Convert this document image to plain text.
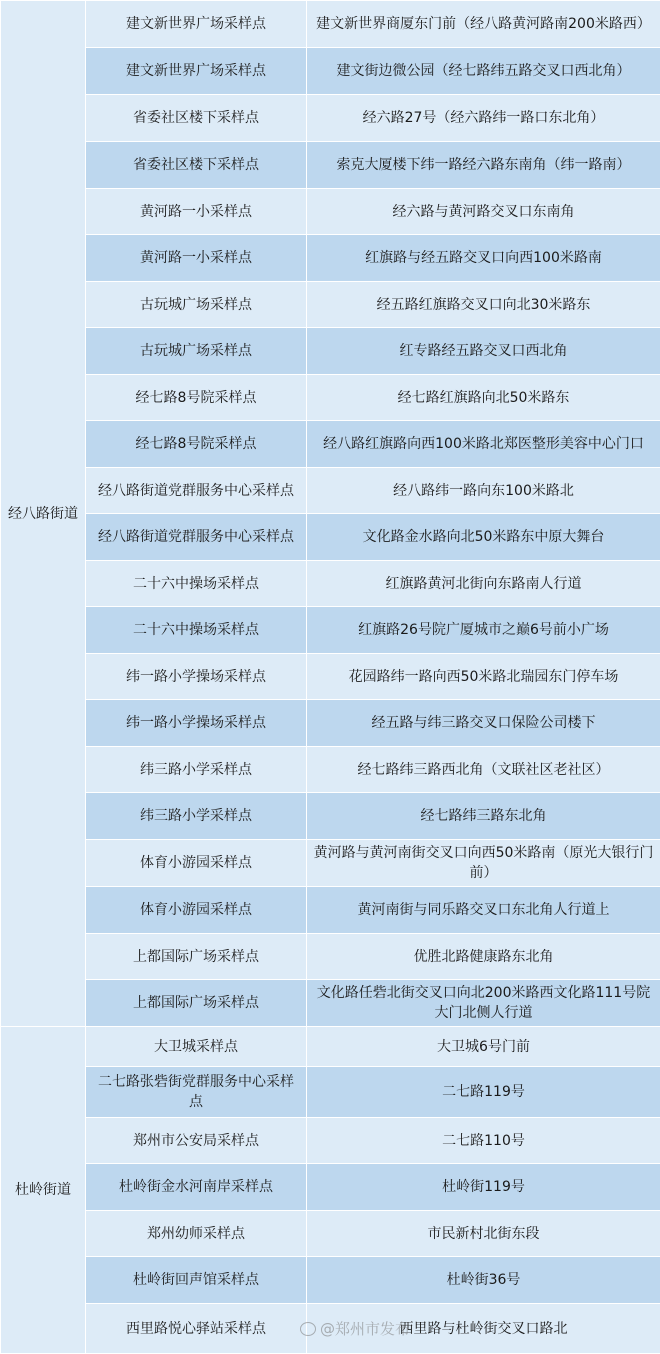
经八路街道	建文新世界广场采样点	建文新世界商厦东门前（经八路黄河路南200米路西）
	建文新世界广场采样点	建文街边微公园（经七路纬五路交叉口西北角）
	省委社区楼下采样点	经六路27号（经六路纬一路口东北角）
	省委社区楼下采样点	索克大厦楼下纬一路经六路东南角（纬一路南）
	黄河路一小采样点	经六路与黄河路交叉口东南角
	黄河路一小采样点	红旗路与经五路交叉口向西100米路南
	古玩城广场采样点	经五路红旗路交叉口向北30米路东
	古玩城广场采样点	红专路经五路交叉口西北角
	经七路8号院采样点	经七路红旗路向北50米路东
	经七路8号院采样点	经八路红旗路向西100米路北郑医整形美容中心门口
	经八路街道党群服务中心采样点	经八路纬一路向东100米路北
	经八路街道党群服务中心采样点	文化路金水路向北50米路东中原大舞台
	二十六中操场采样点	红旗路黄河北街向东路南人行道
	二十六中操场采样点	红旗路26号院广厦城市之巅6号前小广场
	纬一路小学操场采样点	花园路纬一路向西50米路北瑞园东门停车场
	纬一路小学操场采样点	经五路与纬三路交叉口保险公司楼下
	纬三路小学采样点	经七路纬三路西北角（文联社区老社区）
	纬三路小学采样点	经七路纬三路东北角
	体育小游园采样点	黄河路与黄河南街交叉口向西50米路南（原光大银行门前）
	体育小游园采样点	黄河南街与同乐路交叉口东北角人行道上
	上都国际广场采样点	优胜北路健康路东北角
	上都国际广场采样点	文化路任砦北街交叉口向北200米路西文化路111号院大门北侧人行道
杜岭街道	大卫城采样点	大卫城6号门前
	二七路张砦街党群服务中心采样点	二七路119号
	郑州市公安局采样点	二七路110号
	杜岭街金水河南岸采样点	杜岭街119号
	郑州幼师采样点	市民新村北街东段
	杜岭街回声馆采样点	杜岭街36号
	西里路悦心驿站采样点	西里路与杜岭街交叉口路北
@郑州市发布
